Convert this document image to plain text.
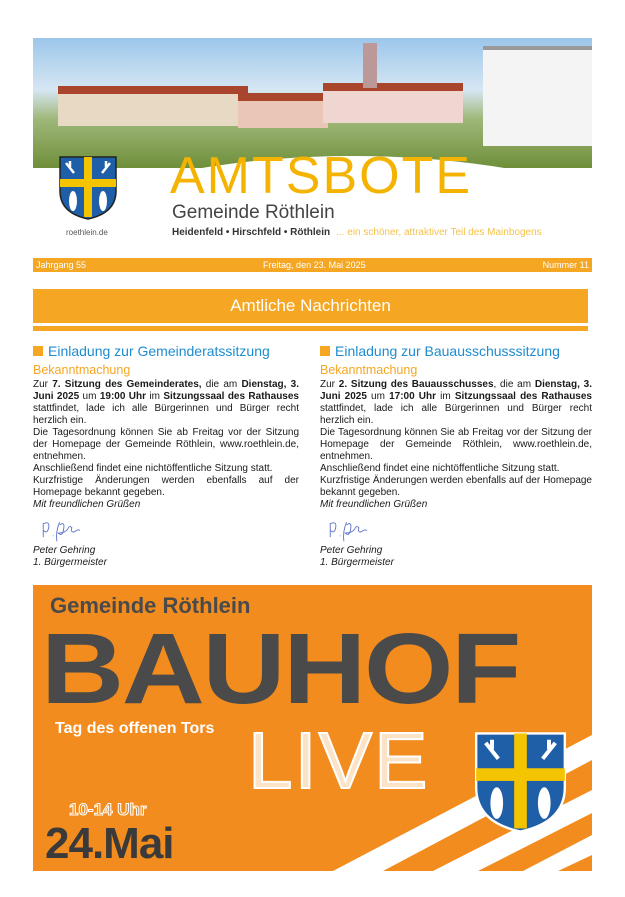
roethlein.de
AMTSBOTE
Gemeinde Röthlein
Heidenfeld • Hirschfeld • Röthlein ... ein schöner, attraktiver Teil des Mainbogens
Jahrgang 55	Freitag, den 23. Mai 2025	Nummer 11
Amtliche Nachrichten
Einladung zur Gemeinderatssitzung
Bekanntmachung

Zur 7. Sitzung des Gemeinderates, die am Dienstag, 3. Juni 2025 um 19:00 Uhr im Sitzungssaal des Rathauses stattfindet, lade ich alle Bürgerinnen und Bürger recht herzlich ein.

Die Tagesordnung können Sie ab Freitag vor der Sitzung der Homepage der Gemeinde Röthlein, www.roethlein.de, entnehmen.

Anschließend findet eine nichtöffentliche Sitzung statt.

Kurzfristige Änderungen werden ebenfalls auf der Homepage bekannt gegeben.

Mit freundlichen Grüßen

Peter Gehring

1. Bürgermeister

Einladung zur Bauausschusssitzung
Bekanntmachung

Zur 2. Sitzung des Bauausschusses, die am Dienstag, 3. Juni 2025 um 17:00 Uhr im Sitzungssaal des Rathauses stattfindet, lade ich alle Bürgerinnen und Bürger recht herzlich ein.

Die Tagesordnung können Sie ab Freitag vor der Sitzung der Homepage der Gemeinde Röthlein, www.roethlein.de, entnehmen.

Anschließend findet eine nichtöffentliche Sitzung statt.

Kurzfristige Änderungen werden ebenfalls auf der Homepage bekannt gegeben.

Mit freundlichen Grüßen

Peter Gehring

1. Bürgermeister

Gemeinde Röthlein
BAUHOF
Tag des offenen Tors LIVE
10-14 Uhr
24.Mai
